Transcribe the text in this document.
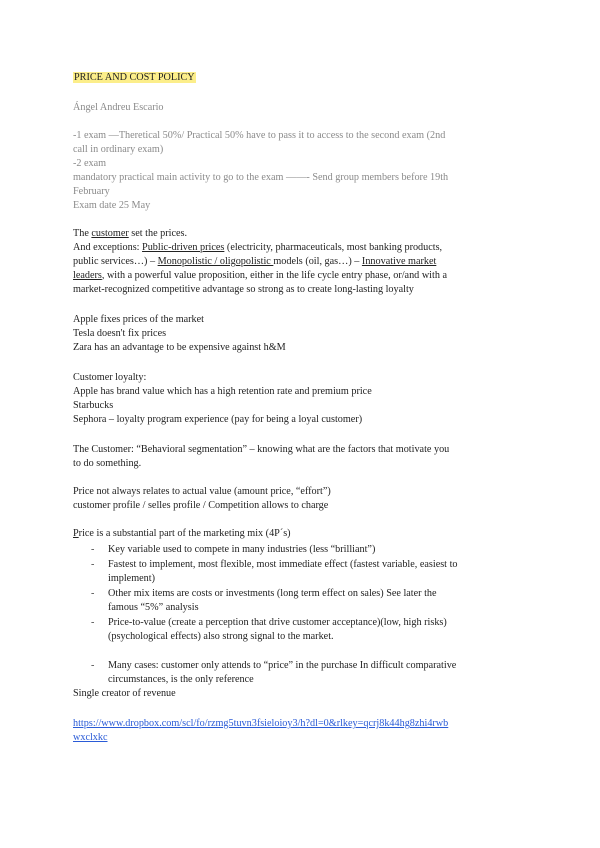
PRICE AND COST POLICY
Ángel Andreu Escario
-1 exam —Theretical 50%/ Practical 50% have to pass it to access to the second exam (2nd
call in ordinary exam)
-2 exam
mandatory practical main activity to go to the exam ——- Send group members before 19th
February
Exam date 25 May
The customer set the prices.
And exceptions: Public-driven prices (electricity, pharmaceuticals, most banking products,
public services…) – Monopolistic / oligopolistic models (oil, gas…) – Innovative market
leaders, with a powerful value proposition, either in the life cycle entry phase, or/and with a
market-recognized competitive advantage so strong as to create long-lasting loyalty
Apple fixes prices of the market
Tesla doesn't fix prices
Zara has an advantage to be expensive against h&M
Customer loyalty:
Apple has brand value which has a high retention rate and premium price
Starbucks
Sephora – loyalty program experience (pay for being a loyal customer)
The Customer: “Behavioral segmentation” – knowing what are the factors that motivate you
to do something.
Price not always relates to actual value (amount price, “effort”)
customer profile / selles profile / Competition allows to charge
Price is a substantial part of the marketing mix (4P´s)
- Key variable used to compete in many industries (less “brilliant”)
- Fastest to implement, most flexible, most immediate effect (fastest variable, easiest to
implement)
- Other mix items are costs or investments (long term effect on sales) See later the
famous “5%” analysis
- Price-to-value (create a perception that drive customer acceptance)(low, high risks)
(psychological effects) also strong signal to the market.
- Many cases: customer only attends to “price” in the purchase In difficult comparative
circumstances, is the only reference
Single creator of revenue
https://www.dropbox.com/scl/fo/rzmg5tuvn3fsieloioy3/h?dl=0&rlkey=qcrj8k44hg8zhi4rwb
wxclxkc
